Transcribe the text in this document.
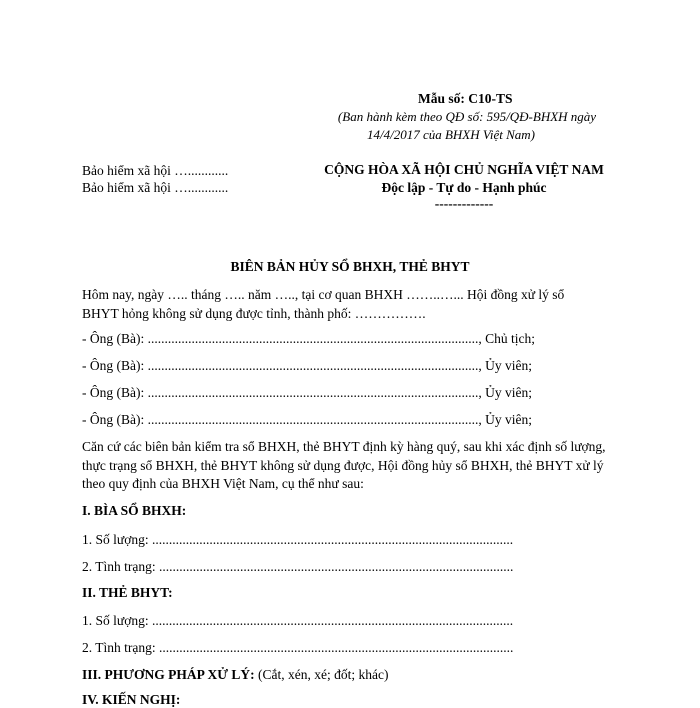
Mẫu số: C10-TS
(Ban hành kèm theo QĐ số: 595/QĐ-BHXH ngày
14/4/2017 của BHXH Việt Nam)
Bảo hiểm xã hội …............
Bảo hiểm xã hội …............
CỘNG HÒA XÃ HỘI CHỦ NGHĨA VIỆT NAM
Độc lập - Tự do - Hạnh phúc
-------------
BIÊN BẢN HỦY SỔ BHXH, THẺ BHYT
Hôm nay, ngày ….. tháng ….. năm ….., tại cơ quan BHXH ……..…... Hội đồng xử lý sổ
BHYT hỏng không sử dụng được tỉnh, thành phố: …………….
- Ông (Bà): .................................................................................................., Chủ tịch;
- Ông (Bà): .................................................................................................., Ủy viên;
- Ông (Bà): .................................................................................................., Ủy viên;
- Ông (Bà): .................................................................................................., Ủy viên;
Căn cứ các biên bản kiểm tra sổ BHXH, thẻ BHYT định kỳ hàng quý, sau khi xác định số lượng,
thực trạng sổ BHXH, thẻ BHYT không sử dụng được, Hội đồng hủy sổ BHXH, thẻ BHYT xử lý
theo quy định của BHXH Việt Nam, cụ thể như sau:
I. BÌA SỔ BHXH:
1. Số lượng: ...........................................................................................................
2. Tình trạng: .........................................................................................................
II. THẺ BHYT:
1. Số lượng: ...........................................................................................................
2. Tình trạng: .........................................................................................................
III. PHƯƠNG PHÁP XỬ LÝ: (Cắt, xén, xé; đốt; khác)
IV. KIẾN NGHỊ:
